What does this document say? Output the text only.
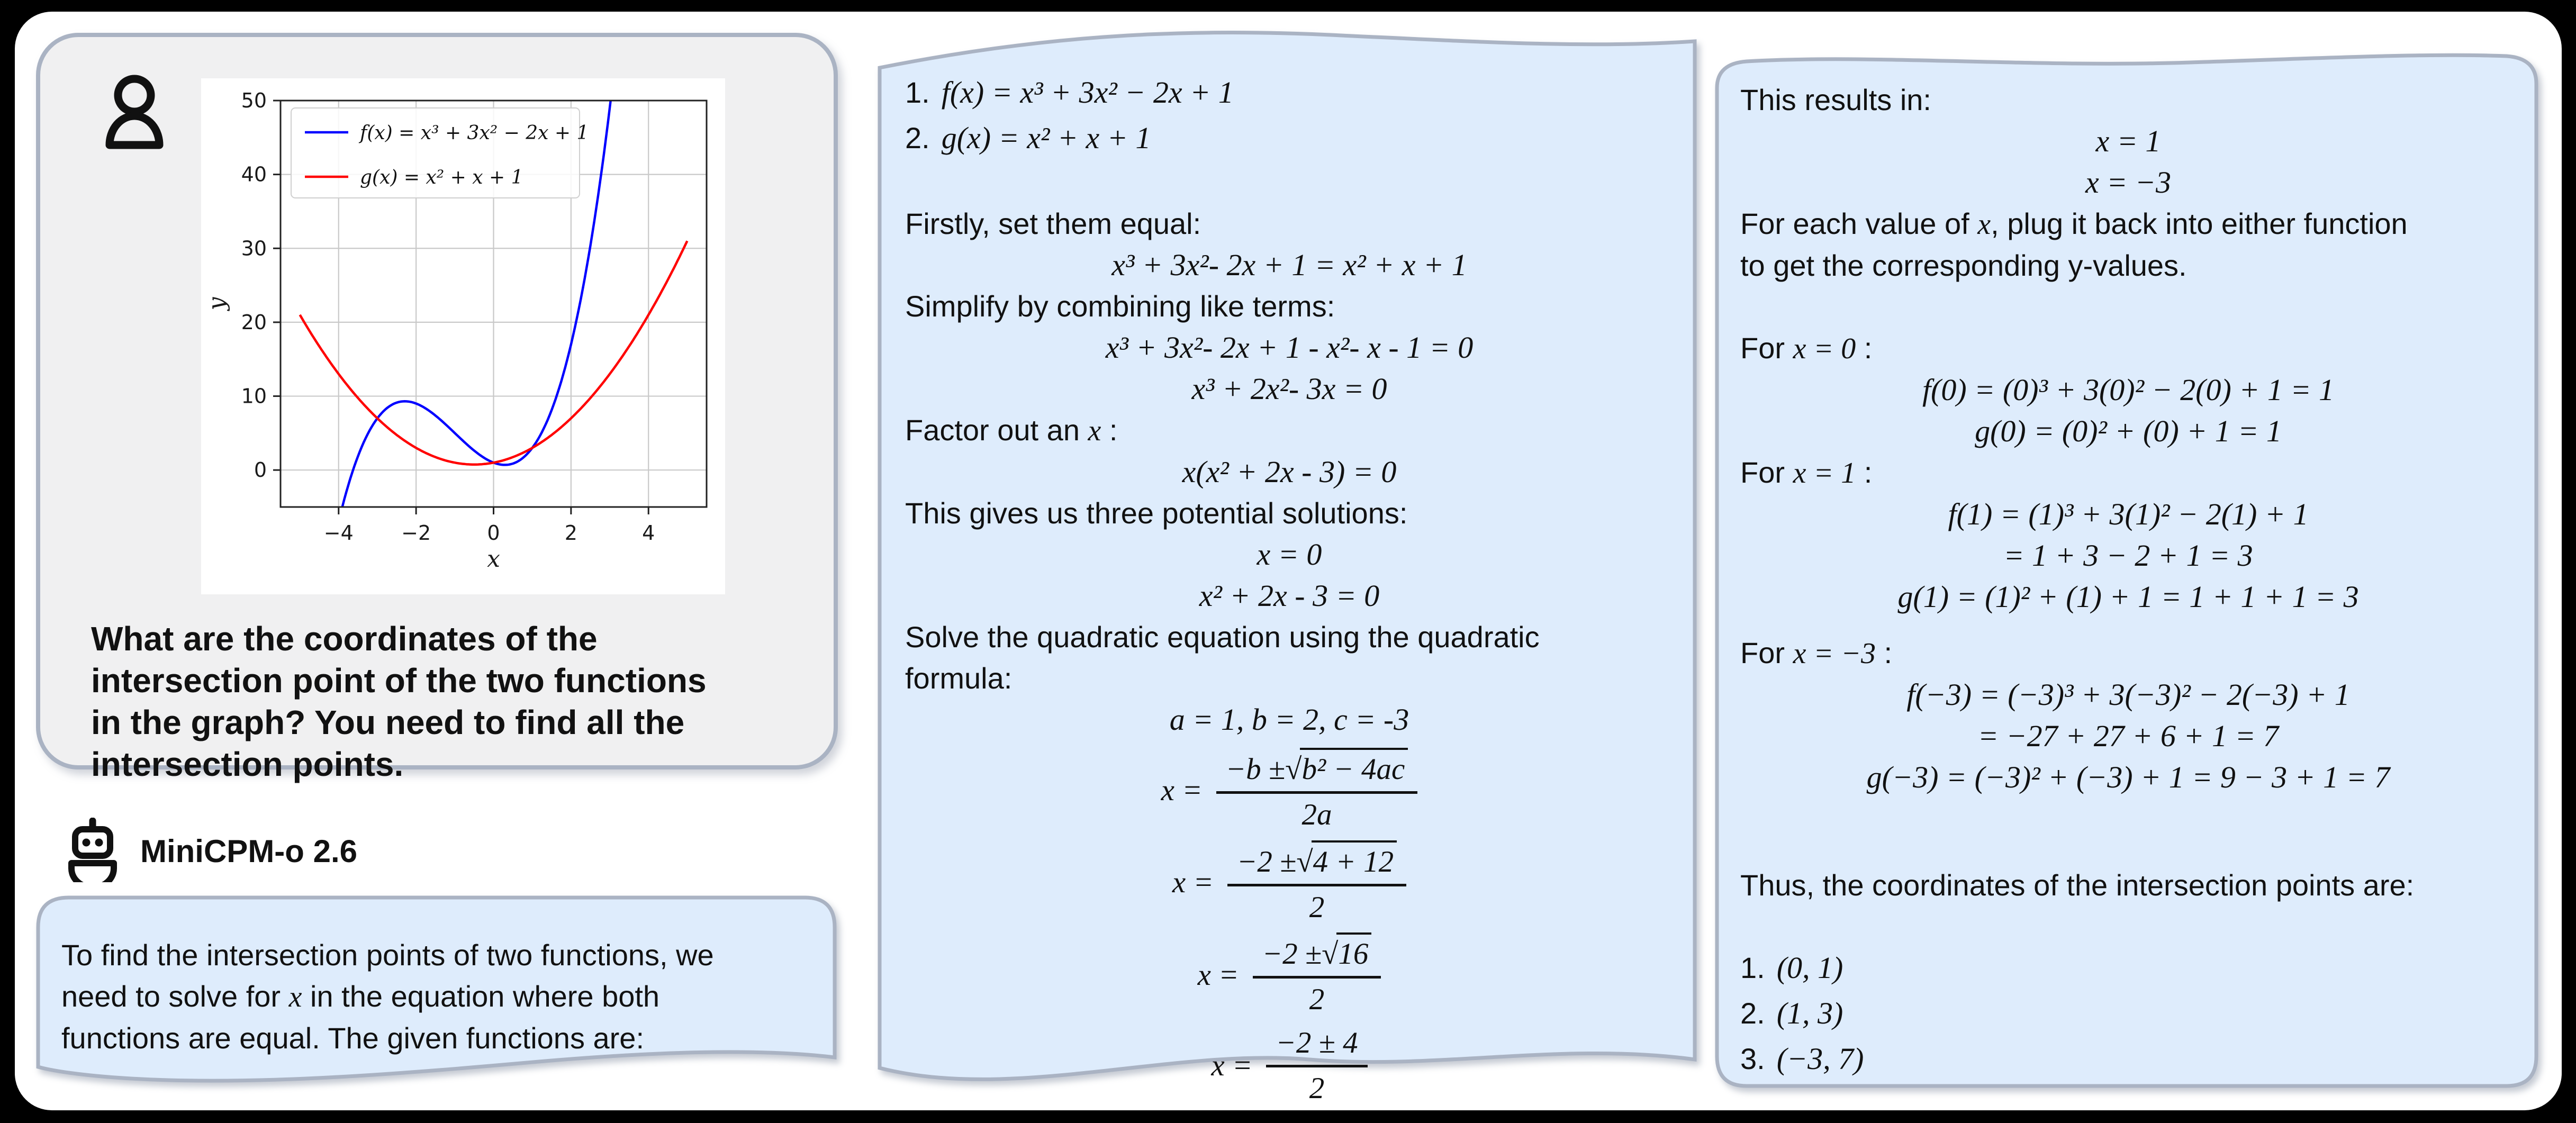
−4 −2	0	2	4
0
10
20
30
40
50
x
y
f(x) = x³ + 3x² − 2x + 1
g(x) = x² + x + 1
What are the coordinates of the
intersection point of the two functions
in the graph? You need to find all the
intersection points.
MiniCPM-o 2.6
To find the intersection points of two functions, we
need to solve for x in the equation where both
functions are equal. The given functions are:
1. f(x) = x³ + 3x² − 2x + 1
2. g(x) = x² + x + 1
Firstly, set them equal:
x³ + 3x²- 2x + 1 = x² + x + 1
Simplify by combining like terms:
x³ + 3x²- 2x + 1 - x²- x - 1 = 0
x³ + 2x²- 3x = 0
Factor out an x :
x(x² + 2x - 3) = 0
This gives us three potential solutions:
x = 0
x² + 2x - 3 = 0
Solve the quadratic equation using the quadratic
formula:
a = 1, b = 2, c = -3
$x = \frac{\text{−b ± √ b² − 4ac}}{2a}$
$x = \frac{-2 \pm √ 4 + 12}{2}$
$x = \frac{-2 \pm √ 16}{2}$
$x = \frac{-2 \pm 4}{2}$
This results in:
x = 1
x = −3
For each value of x, plug it back into either function
to get the corresponding y-values.
For x = 0 :
f(0) = (0)³ + 3(0)² − 2(0) + 1 = 1
g(0) = (0)² + (0) + 1 = 1
For x = 1 :
f(1) = (1)³ + 3(1)² − 2(1) + 1
= 1 + 3 − 2 + 1 = 3
g(1) = (1)² + (1) + 1 = 1 + 1 + 1 = 3
For x = −3 :
f(−3) = (−3)³ + 3(−3)² − 2(−3) + 1
= −27 + 27 + 6 + 1 = 7
g(−3) = (−3)² + (−3) + 1 = 9 − 3 + 1 = 7
Thus, the coordinates of the intersection points are:
1. (0, 1)
2. (1, 3)
3. (−3, 7)
